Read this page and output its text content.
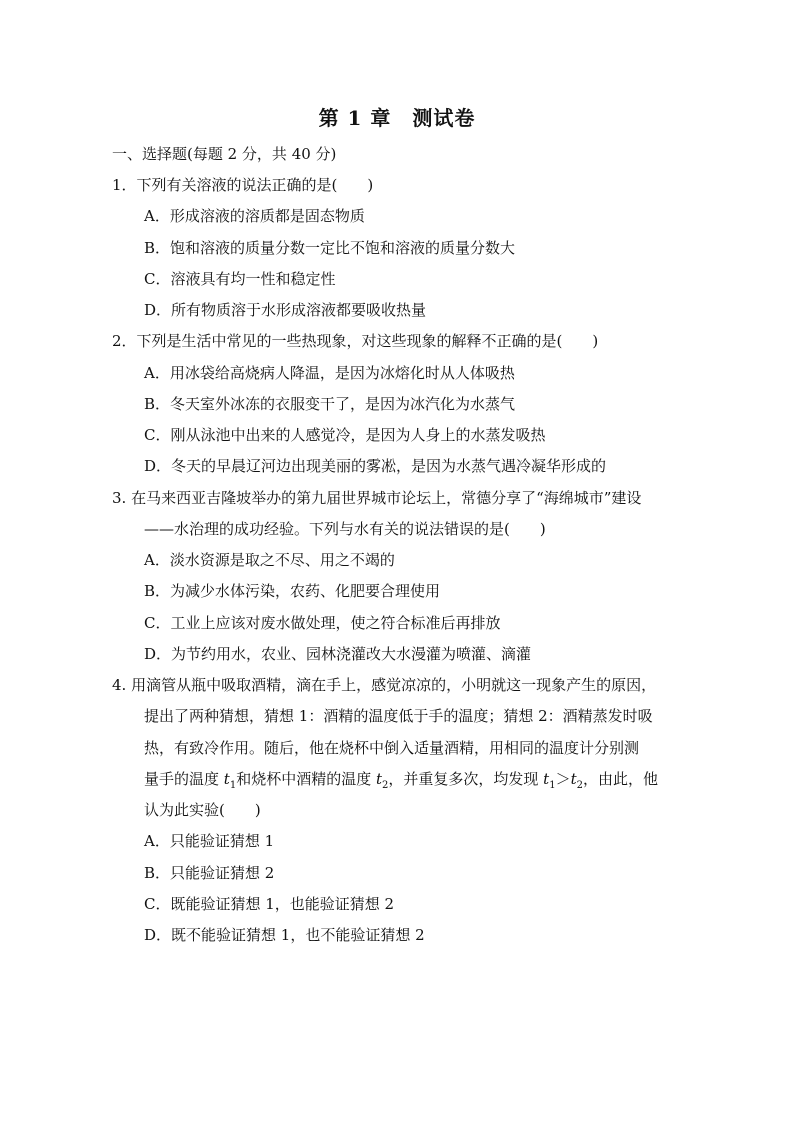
第 1 章　测试卷
一、选择题(每题 2 分，共 40 分)
1．下列有关溶液的说法正确的是(　　)
A．形成溶液的溶质都是固态物质
B．饱和溶液的质量分数一定比不饱和溶液的质量分数大
C．溶液具有均一性和稳定性
D．所有物质溶于水形成溶液都要吸收热量
2．下列是生活中常见的一些热现象，对这些现象的解释不正确的是(　　)
A．用冰袋给高烧病人降温，是因为冰熔化时从人体吸热
B．冬天室外冰冻的衣服变干了，是因为冰汽化为水蒸气
C．刚从泳池中出来的人感觉冷，是因为人身上的水蒸发吸热
D．冬天的早晨辽河边出现美丽的雾凇，是因为水蒸气遇冷凝华形成的
3. 在马来西亚吉隆坡举办的第九届世界城市论坛上，常德分享了“海绵城市”建设
——水治理的成功经验。下列与水有关的说法错误的是(　　)
A．淡水资源是取之不尽、用之不竭的
B．为减少水体污染，农药、化肥要合理使用
C．工业上应该对废水做处理，使之符合标准后再排放
D．为节约用水，农业、园林浇灌改大水漫灌为喷灌、滴灌
4. 用滴管从瓶中吸取酒精，滴在手上，感觉凉凉的，小明就这一现象产生的原因，
提出了两种猜想，猜想 1：酒精的温度低于手的温度；猜想 2：酒精蒸发时吸
热，有致冷作用。随后，他在烧杯中倒入适量酒精，用相同的温度计分别测
量手的温度 $t_1$和烧杯中酒精的温度 $t_2$，并重复多次，均发现 $t_1>t_2$，由此，他
认为此实验(　　)
A．只能验证猜想 1
B．只能验证猜想 2
C．既能验证猜想 1，也能验证猜想 2
D．既不能验证猜想 1，也不能验证猜想 2
